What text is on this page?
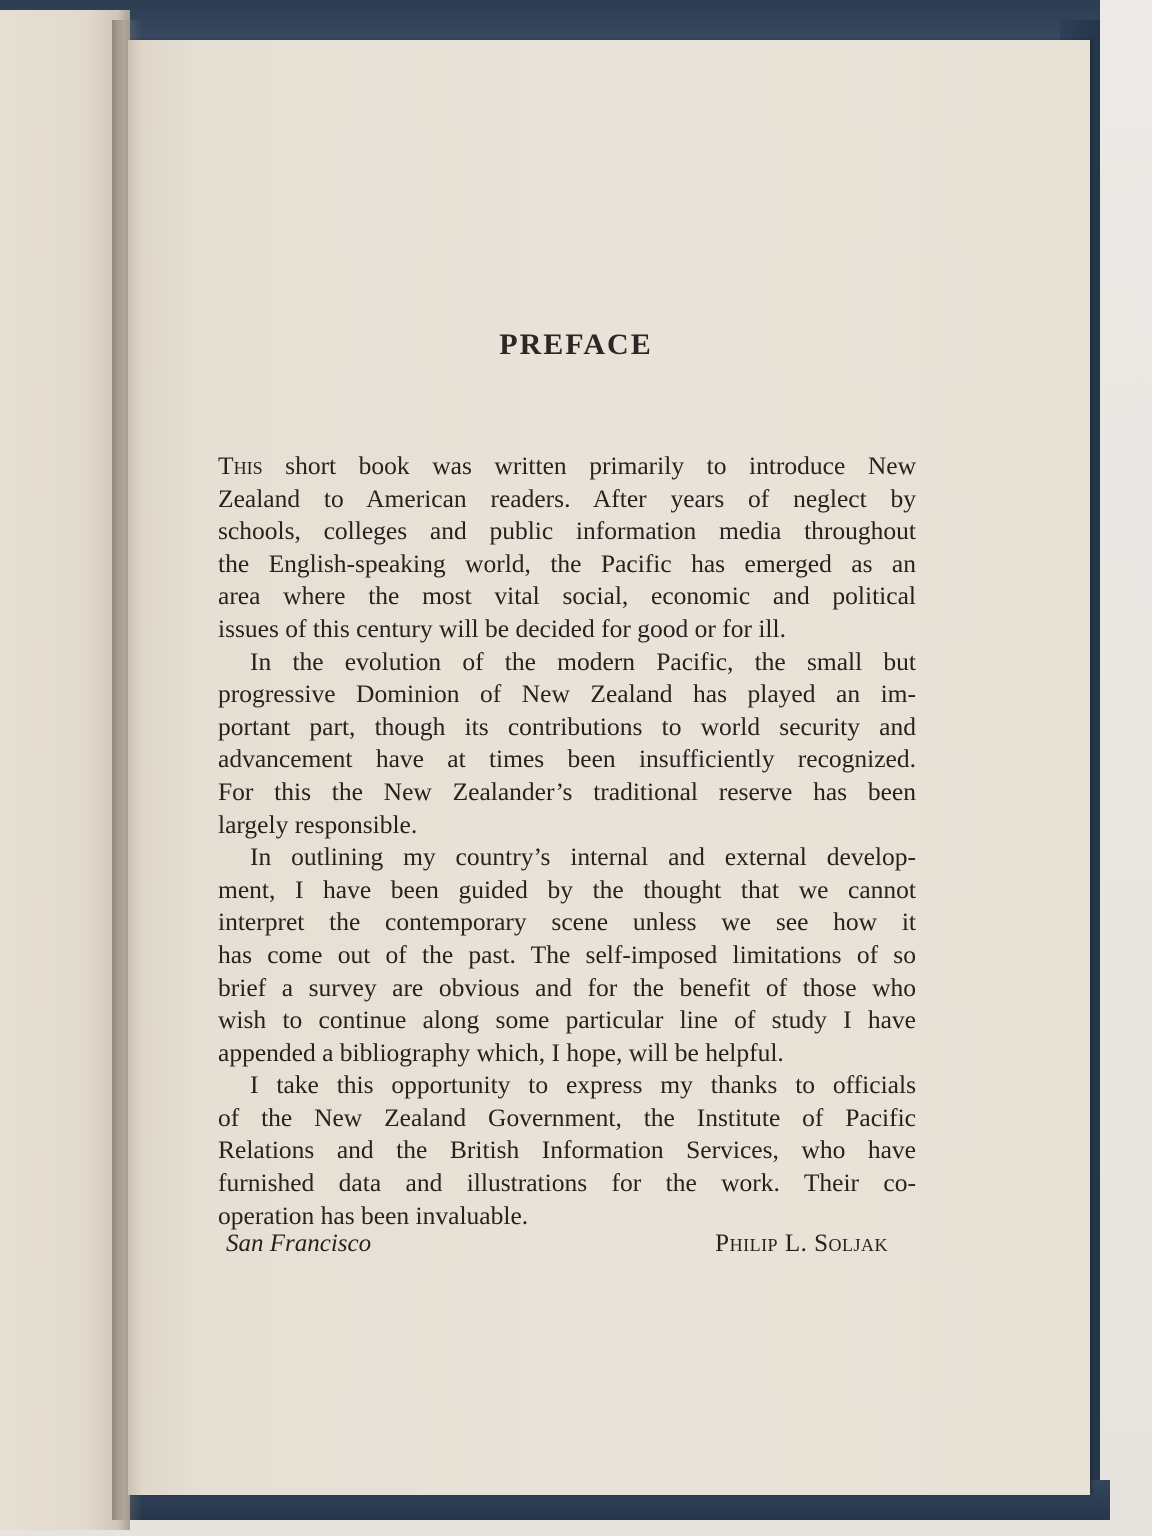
PREFACE
This short book was written primarily to introduce New
Zealand to American readers. After years of neglect by
schools, colleges and public information media throughout
the English-speaking world, the Pacific has emerged as an
area where the most vital social, economic and political
issues of this century will be decided for good or for ill.
In the evolution of the modern Pacific, the small but
progressive Dominion of New Zealand has played an im-
portant part, though its contributions to world security and
advancement have at times been insufficiently recognized.
For this the New Zealander’s traditional reserve has been
largely responsible.
In outlining my country’s internal and external develop-
ment, I have been guided by the thought that we cannot
interpret the contemporary scene unless we see how it
has come out of the past. The self-imposed limitations of so
brief a survey are obvious and for the benefit of those who
wish to continue along some particular line of study I have
appended a bibliography which, I hope, will be helpful.
I take this opportunity to express my thanks to officials
of the New Zealand Government, the Institute of Pacific
Relations and the British Information Services, who have
furnished data and illustrations for the work. Their co-
operation has been invaluable.
San Francisco	Philip L. Soljak
